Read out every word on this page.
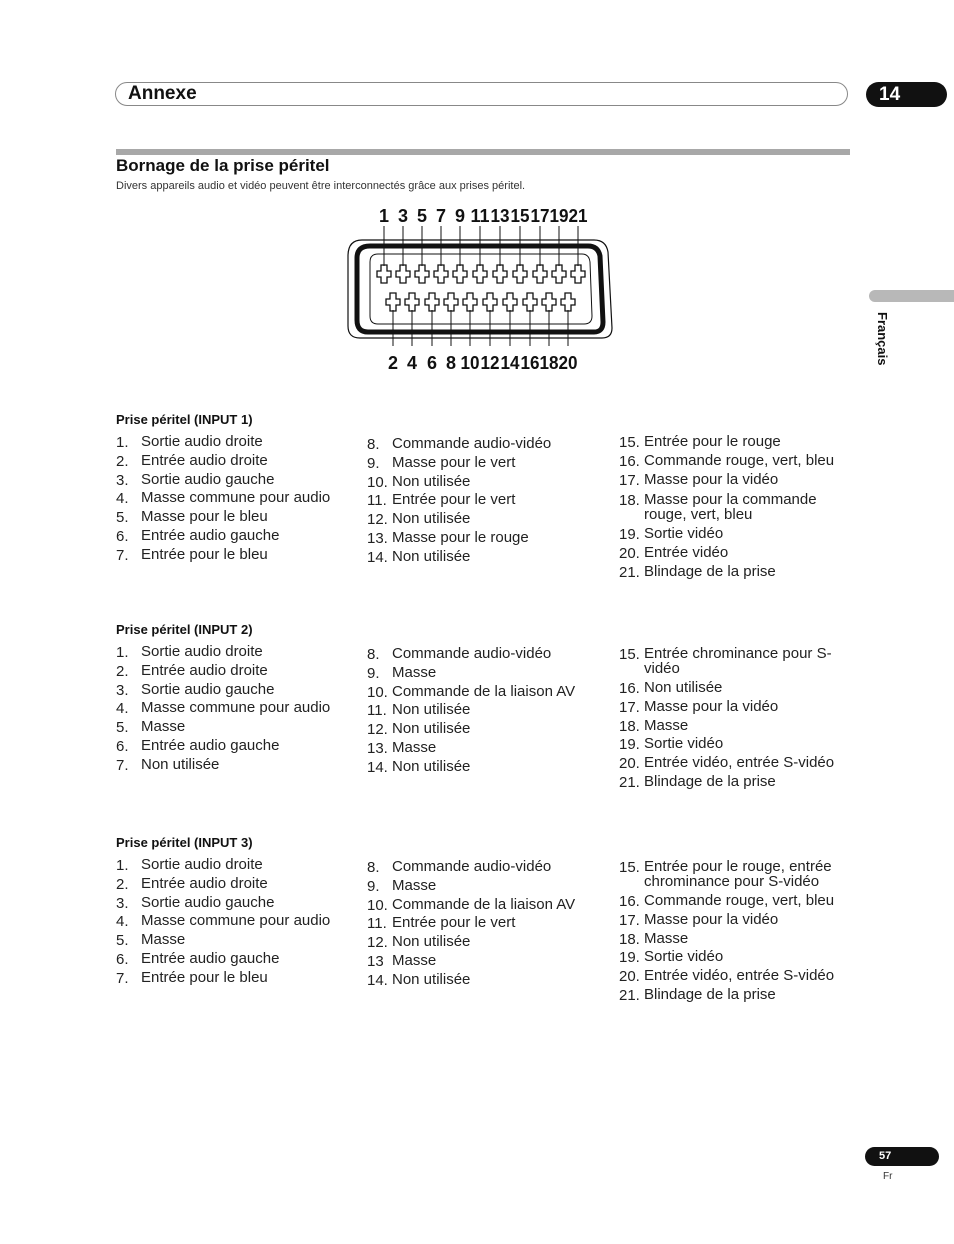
Annexe	14
Bornage de la prise péritel
Divers appareils audio et vidéo peuvent être interconnectés grâce aux prises péritel.
Français
1 3 5 7 9 11 13 15 17 19 21
2 4 6 8 10 12 14 16 18 20
Prise péritel (INPUT 1)
1. Sortie audio droite
2. Entrée audio droite
3. Sortie audio gauche
4. Masse commune pour audio
5. Masse pour le bleu
6. Entrée audio gauche
7. Entrée pour le bleu
8. Commande audio-vidéo
9. Masse pour le vert
10. Non utilisée
11. Entrée pour le vert
12. Non utilisée
13. Masse pour le rouge
14. Non utilisée
15. Entrée pour le rouge
16. Commande rouge, vert, bleu
17. Masse pour la vidéo
18. Masse pour la commande rouge, vert, bleu
19. Sortie vidéo
20. Entrée vidéo
21. Blindage de la prise
Prise péritel (INPUT 2)
1. Sortie audio droite
2. Entrée audio droite
3. Sortie audio gauche
4. Masse commune pour audio
5. Masse
6. Entrée audio gauche
7. Non utilisée
8. Commande audio-vidéo
9. Masse
10. Commande de la liaison AV
11. Non utilisée
12. Non utilisée
13. Masse
14. Non utilisée
15. Entrée chrominance pour S-vidéo
16. Non utilisée
17. Masse pour la vidéo
18. Masse
19. Sortie vidéo
20. Entrée vidéo, entrée S-vidéo
21. Blindage de la prise
Prise péritel (INPUT 3)
1. Sortie audio droite
2. Entrée audio droite
3. Sortie audio gauche
4. Masse commune pour audio
5. Masse
6. Entrée audio gauche
7. Entrée pour le bleu
8. Commande audio-vidéo
9. Masse
10. Commande de la liaison AV
11. Entrée pour le vert
12. Non utilisée
13 Masse
14. Non utilisée
15. Entrée pour le rouge, entrée chrominance pour S-vidéo
16. Commande rouge, vert, bleu
17. Masse pour la vidéo
18. Masse
19. Sortie vidéo
20. Entrée vidéo, entrée S-vidéo
21. Blindage de la prise
57
Fr
